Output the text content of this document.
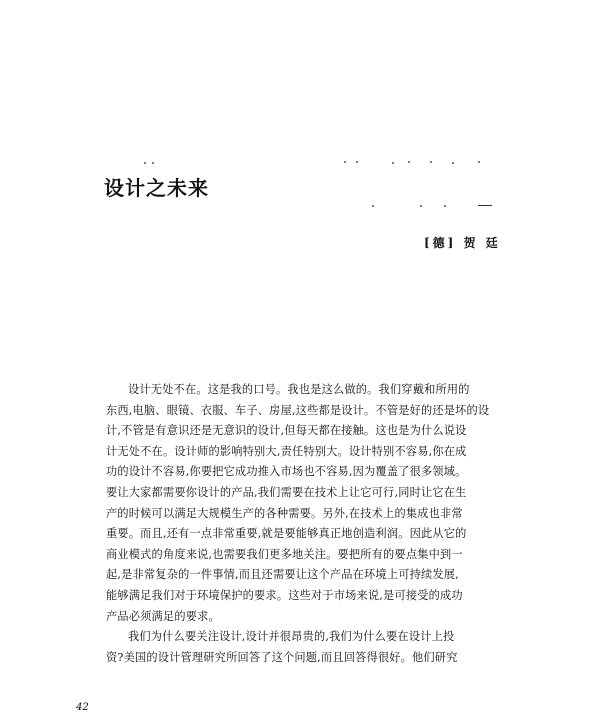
设计之未来
[德] 贺 廷
设计无处不在。这是我的口号。我也是这么做的。我们穿戴和所用的
东西,电脑、眼镜、衣服、车子、房屋,这些都是设计。不管是好的还是坏的设
计,不管是有意识还是无意识的设计,但每天都在接触。这也是为什么说设
计无处不在。设计师的影响特别大,责任特别大。设计特别不容易,你在成
功的设计不容易,你要把它成功推入市场也不容易,因为覆盖了很多领域。
要让大家都需要你设计的产品,我们需要在技术上让它可行,同时让它在生
产的时候可以满足大规模生产的各种需要。另外,在技术上的集成也非常
重要。而且,还有一点非常重要,就是要能够真正地创造利润。因此从它的
商业模式的角度来说,也需要我们更多地关注。要把所有的要点集中到一
起,是非常复杂的一件事情,而且还需要让这个产品在环境上可持续发展,
能够满足我们对于环境保护的要求。这些对于市场来说,是可接受的成功
产品必须满足的要求。
我们为什么要关注设计,设计并很昂贵的,我们为什么要在设计上投
资?美国的设计管理研究所回答了这个问题,而且回答得很好。他们研究
42
